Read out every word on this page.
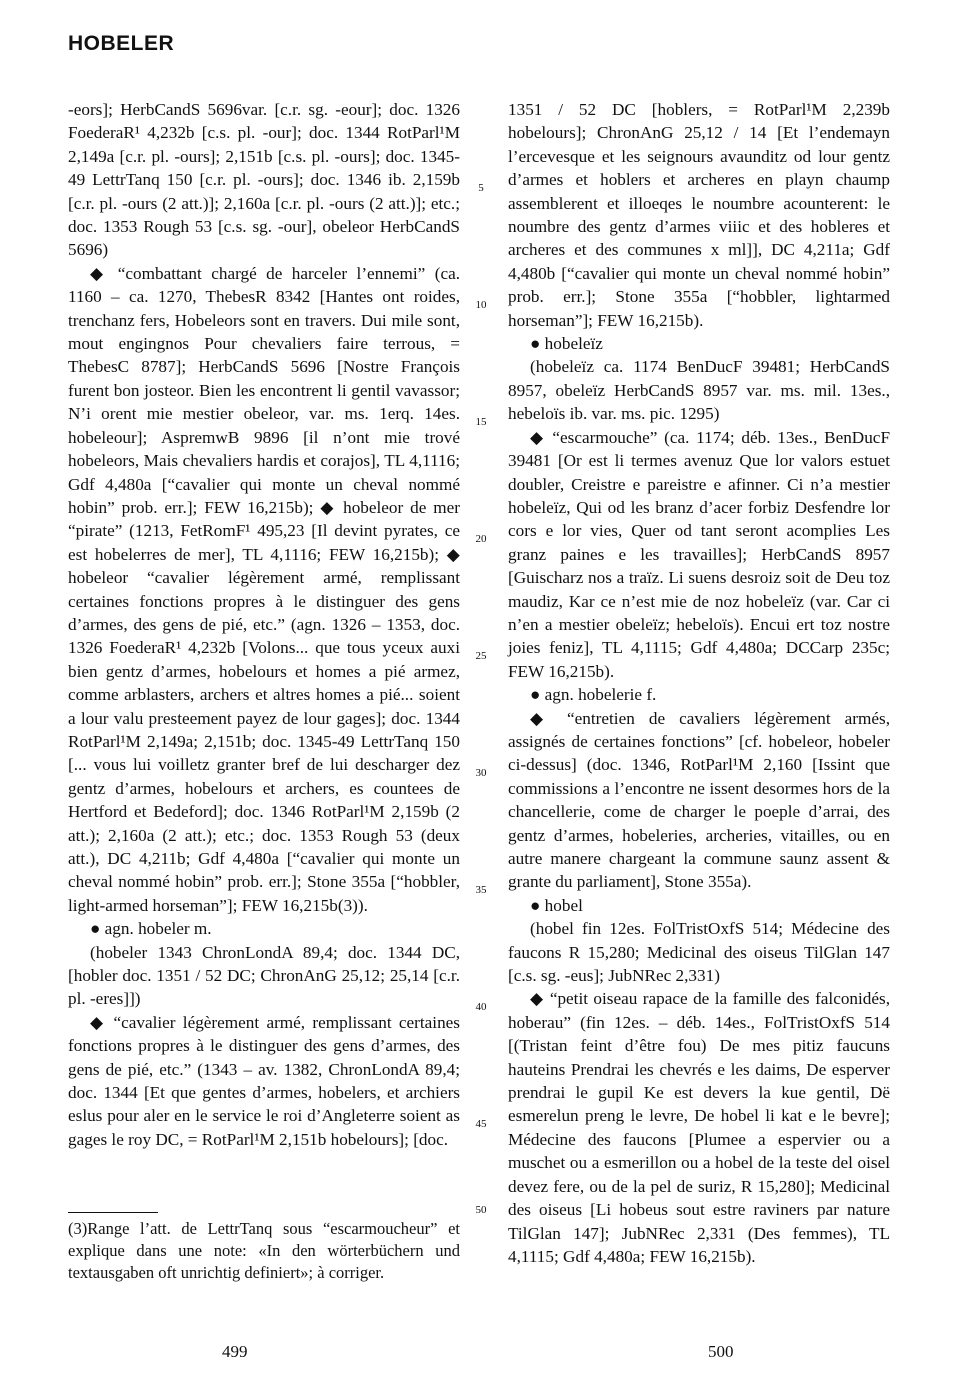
HOBELER

-eors]; HerbCandS 5696var. [c.r. sg. -eour]; doc. 1326 FoederaR¹ 4,232b [c.s. pl. -our]; doc. 1344 RotParl¹M 2,149a [c.r. pl. -ours]; 2,151b [c.s. pl. -ours]; doc. 1345-49 LettrTanq 150 [c.r. pl. -ours]; doc. 1346 ib. 2,159b [c.r. pl. -ours (2 att.)]; 2,160a [c.r. pl. -ours (2 att.)]; etc.; doc. 1353 Rough 53 [c.s. sg. -our], obeleor HerbCandS 5696)

◆ “combattant chargé de harceler l’ennemi” (ca. 1160 – ca. 1270, ThebesR 8342 [Hantes ont roides, trenchanz fers, Hobeleors sont en travers. Dui mile sont, mout engingnos Pour chevaliers faire terrous, = ThebesC 8787]; HerbCandS 5696 [Nostre François furent bon josteor. Bien les encontrent li gentil vavassor; N’i orent mie mestier obeleor, var. ms. 1erq. 14es. hobeleour]; AspremwB 9896 [il n’ont mie trové hobeleors, Mais chevaliers hardis et corajos], TL 4,1116; Gdf 4,480a [“cavalier qui monte un cheval nommé hobin” prob. err.]; FEW 16,215b); ◆ hobeleor de mer “pirate” (1213, FetRomF¹ 495,23 [Il devint pyrates, ce est hobelerres de mer], TL 4,1116; FEW 16,215b); ◆ hobeleor “cavalier légèrement armé, remplissant certaines fonctions propres à le distinguer des gens d’armes, des gens de pié, etc.” (agn. 1326 – 1353, doc. 1326 FoederaR¹ 4,232b [Volons... que tous yceux auxi bien gentz d’armes, hobelours et homes a pié armez, comme arblasters, archers et altres homes a pié... soient a lour valu presteement payez de lour gages]; doc. 1344 RotParl¹M 2,149a; 2,151b; doc. 1345-49 LettrTanq 150 [... vous lui voilletz granter bref de lui descharger dez gentz d’armes, hobelours et archers, es countees de Hertford et Bedeford]; doc. 1346 RotParl¹M 2,159b (2 att.); 2,160a (2 att.); etc.; doc. 1353 Rough 53 (deux att.), DC 4,211b; Gdf 4,480a [“cavalier qui monte un cheval nommé hobin” prob. err.]; Stone 355a [“hobbler, light-armed horseman”]; FEW 16,215b(3)).

● agn. hobeler m.

(hobeler 1343 ChronLondA 89,4; doc. 1344 DC, [hobler doc. 1351 / 52 DC; ChronAnG 25,12; 25,14 [c.r. pl. -eres]])

◆ “cavalier légèrement armé, remplissant certaines fonctions propres à le distinguer des gens d’armes, des gens de pié, etc.” (1343 – av. 1382, ChronLondA 89,4; doc. 1344 [Et que gentes d’armes, hobelers, et archiers eslus pour aler en le service le roi d’Angleterre soient as gages le roy DC, = RotParl¹M 2,151b hobelours]; [doc.

5
10
15
20
25
30
35
40
45
50

1351 / 52 DC [hoblers, = RotParl¹M 2,239b hobelours]; ChronAnG 25,12 / 14 [Et l’endemayn l’ercevesque et les seignours avaunditz od lour gentz d’armes et hoblers et archeres en playn chaump assemblerent et illoeqes le noumbre acounterent: le noumbre des gentz d’armes viiic et des hobleres et archeres et des communes x ml]], DC 4,211a; Gdf 4,480b [“cavalier qui monte un cheval nommé hobin” prob. err.]; Stone 355a [“hobbler, lightarmed horseman”]; FEW 16,215b).

● hobeleïz

(hobeleïz ca. 1174 BenDucF 39481; HerbCandS 8957, obeleïz HerbCandS 8957 var. ms. mil. 13es., hebeloïs ib. var. ms. pic. 1295)

◆ “escarmouche” (ca. 1174; déb. 13es., BenDucF 39481 [Or est li termes avenuz Que lor valors estuet doubler, Creistre e pareistre e afinner. Ci n’a mestier hobeleïz, Qui od les branz d’acer forbiz Desfendre lor cors e lor vies, Quer od tant seront acomplies Les granz paines e les travailles]; HerbCandS 8957 [Guischarz nos a traïz. Li suens desroiz soit de Deu toz maudiz, Kar ce n’est mie de noz hobeleïz (var. Car ci n’en a mestier obeleïz; hebeloïs). Encui ert toz nostre joies feniz], TL 4,1115; Gdf 4,480a; DCCarp 235c; FEW 16,215b).

● agn. hobelerie f.

◆ “entretien de cavaliers légèrement armés, assignés de certaines fonctions” [cf. hobeleor, hobeler ci-dessus] (doc. 1346, RotParl¹M 2,160 [Issint que commissions a l’encontre ne issent desormes hors de la chancellerie, come de charger le poeple d’arrai, des gentz d’armes, hobeleries, archeries, vitailles, ou en autre manere chargeant la commune saunz assent & grante du parliament], Stone 355a).

● hobel

(hobel fin 12es. FolTristOxfS 514; Médecine des faucons R 15,280; Medicinal des oiseus TilGlan 147 [c.s. sg. -eus]; JubNRec 2,331)

◆ “petit oiseau rapace de la famille des falconidés, hoberau” (fin 12es. – déb. 14es., FolTristOxfS 514 [(Tristan feint d’être fou) De mes pitiz faucuns hauteins Prendrai les chevrés e les daims, De esperver prendrai le gupil Ke est devers la kue gentil, Dë esmerelun preng le levre, De hobel li kat e le bevre]; Médecine des faucons [Plumee a espervier ou a muschet ou a esmerillon ou a hobel de la teste del oisel devez fere, ou de la pel de suriz, R 15,280]; Medicinal des oiseus [Li hobeus sout estre raviners par nature TilGlan 147]; JubNRec 2,331 (Des femmes), TL 4,1115; Gdf 4,480a; FEW 16,215b).

(3)Range l’att. de LettrTanq sous “escarmoucheur” et explique dans une note: «In den wörterbüchern und textausgaben oft unrichtig definiert»; à corriger.
499	500
